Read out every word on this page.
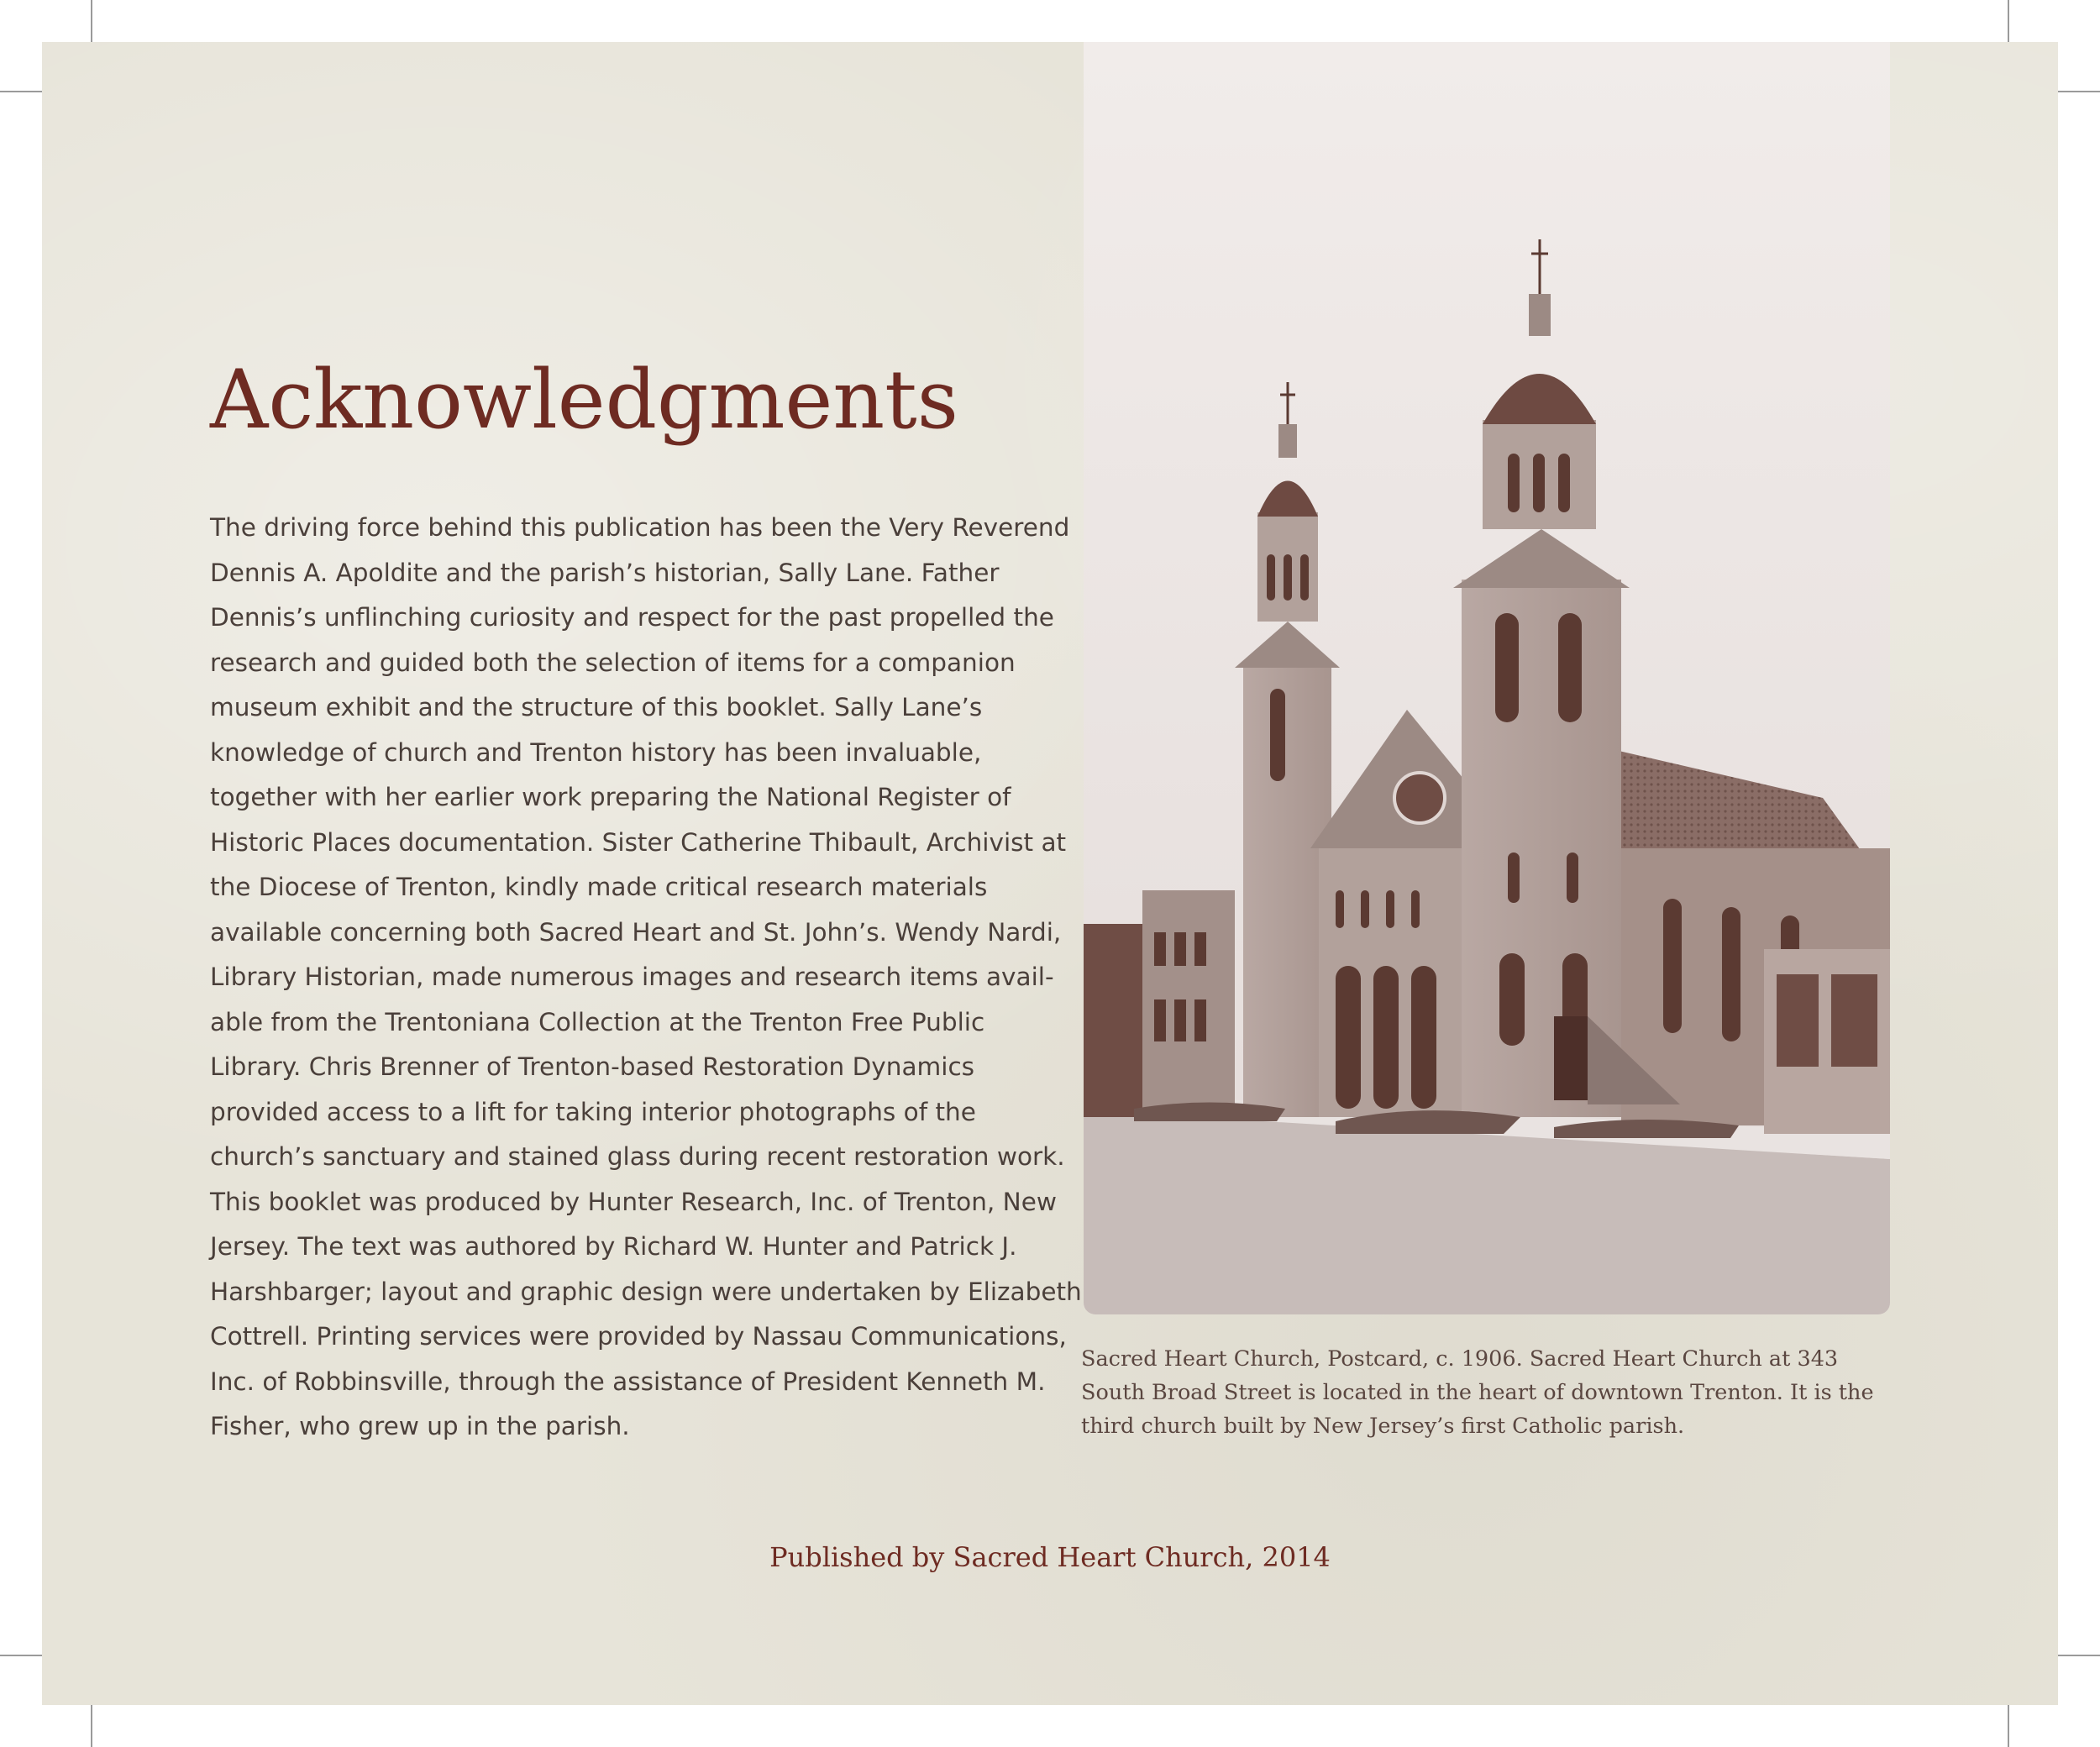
Acknowledgments
The driving force behind this publication has been the Very Reverend
Dennis A. Apoldite and the parish’s historian, Sally Lane. Father
Dennis’s unflinching curiosity and respect for the past propelled the
research and guided both the selection of items for a companion
museum exhibit and the structure of this booklet. Sally Lane’s
knowledge of church and Trenton history has been invaluable,
together with her earlier work preparing the National Register of
Historic Places documentation. Sister Catherine Thibault, Archivist at
the Diocese of Trenton, kindly made critical research materials
available concerning both Sacred Heart and St. John’s. Wendy Nardi,
Library Historian, made numerous images and research items avail-
able from the Trentoniana Collection at the Trenton Free Public
Library. Chris Brenner of Trenton-based Restoration Dynamics
provided access to a lift for taking interior photographs of the
church’s sanctuary and stained glass during recent restoration work.
This booklet was produced by Hunter Research, Inc. of Trenton, New
Jersey. The text was authored by Richard W. Hunter and Patrick J.
Harshbarger; layout and graphic design were undertaken by Elizabeth
Cottrell. Printing services were provided by Nassau Communications,
Inc. of Robbinsville, through the assistance of President Kenneth M.
Fisher, who grew up in the parish.
Sacred Heart Church, Postcard, c. 1906. Sacred Heart Church at 343
South Broad Street is located in the heart of downtown Trenton. It is the
third church built by New Jersey’s first Catholic parish.

Published by Sacred Heart Church, 2014
